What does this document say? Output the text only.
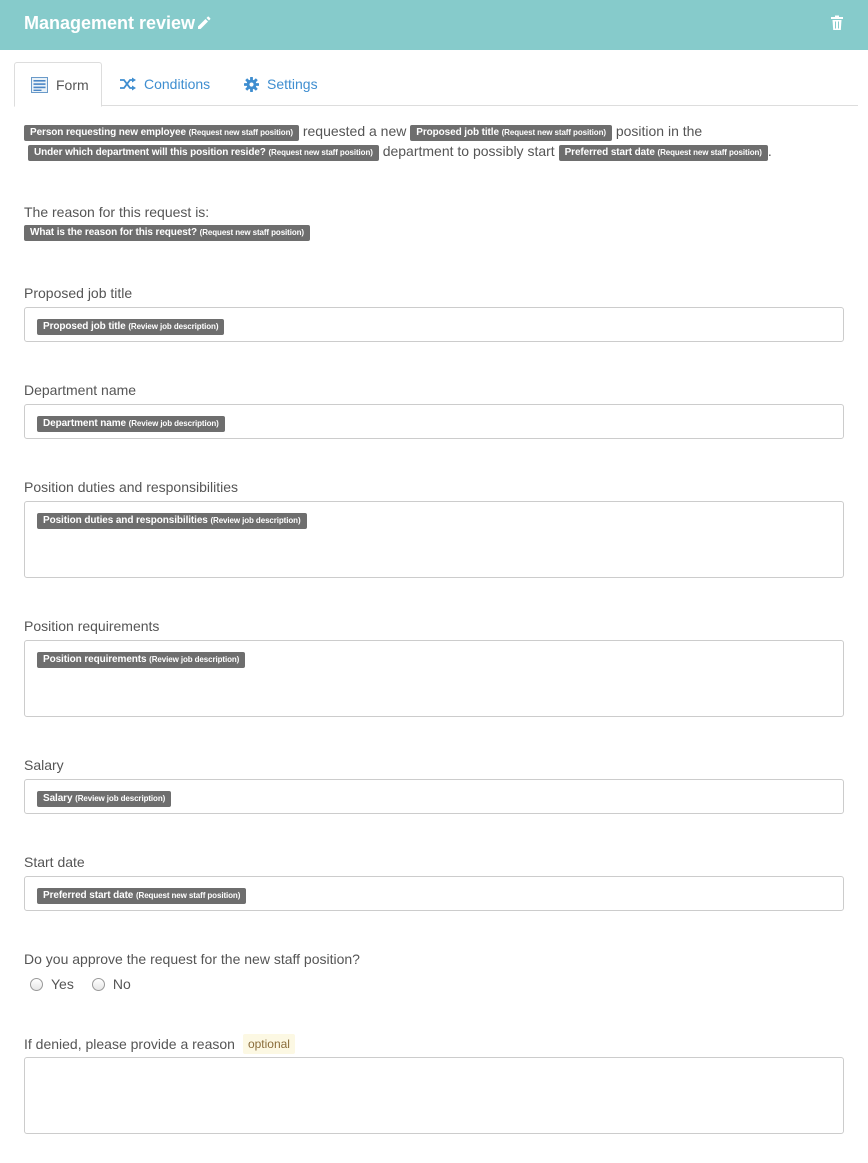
Management review
Form	Conditions	Settings
Person requesting new employee (Request new staff position) requested a new Proposed job title (Request new staff position) position in the
Under which department will this position reside? (Request new staff position) department to possibly start Preferred start date (Request new staff position) .
The reason for this request is:
What is the reason for this request? (Request new staff position)
Proposed job title
Proposed job title (Review job description)
Department name
Department name (Review job description)
Position duties and responsibilities
Position duties and responsibilities (Review job description)
Position requirements
Position requirements (Review job description)
Salary
Salary (Review job description)
Start date
Preferred start date (Request new staff position)
Do you approve the request for the new staff position?
Yes	No
If denied, please provide a reason optional
